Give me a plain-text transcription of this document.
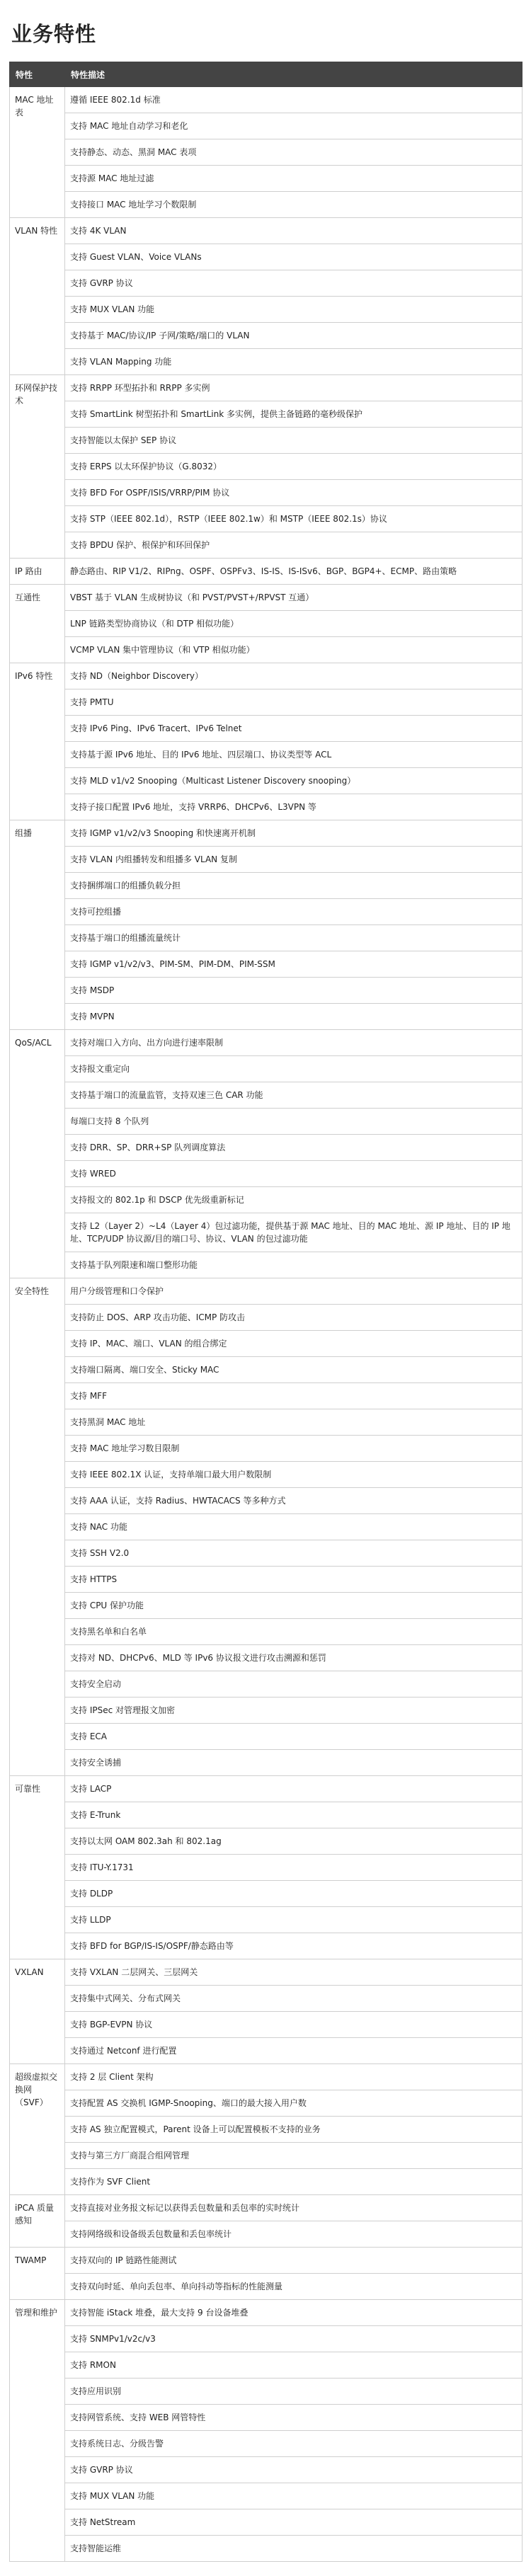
业务特性
特性	特性描述
MAC 地址表	遵循 IEEE 802.1d 标准
	支持 MAC 地址自动学习和老化
	支持静态、动态、黑洞 MAC 表项
	支持源 MAC 地址过滤
	支持接口 MAC 地址学习个数限制
VLAN 特性	支持 4K VLAN
	支持 Guest VLAN、Voice VLANs
	支持 GVRP 协议
	支持 MUX VLAN 功能
	支持基于 MAC/协议/IP 子网/策略/端口的 VLAN
	支持 VLAN Mapping 功能
环网保护技术	支持 RRPP 环型拓扑和 RRPP 多实例
	支持 SmartLink 树型拓扑和 SmartLink 多实例，提供主备链路的毫秒级保护
	支持智能以太保护 SEP 协议
	支持 ERPS 以太环保护协议（G.8032）
	支持 BFD For OSPF/ISIS/VRRP/PIM 协议
	支持 STP（IEEE 802.1d），RSTP（IEEE 802.1w）和 MSTP（IEEE 802.1s）协议
	支持 BPDU 保护、根保护和环回保护
IP 路由	静态路由、RIP V1/2、RIPng、OSPF、OSPFv3、IS-IS、IS-ISv6、BGP、BGP4+、ECMP、路由策略
互通性	VBST 基于 VLAN 生成树协议（和 PVST/PVST+/RPVST 互通）
	LNP 链路类型协商协议（和 DTP 相似功能）
	VCMP VLAN 集中管理协议（和 VTP 相似功能）
IPv6 特性	支持 ND（Neighbor Discovery）
	支持 PMTU
	支持 IPv6 Ping、IPv6 Tracert、IPv6 Telnet
	支持基于源 IPv6 地址、目的 IPv6 地址、四层端口、协议类型等 ACL
	支持 MLD v1/v2 Snooping（Multicast Listener Discovery snooping）
	支持子接口配置 IPv6 地址，支持 VRRP6、DHCPv6、L3VPN 等
组播	支持 IGMP v1/v2/v3 Snooping 和快速离开机制
	支持 VLAN 内组播转发和组播多 VLAN 复制
	支持捆绑端口的组播负载分担
	支持可控组播
	支持基于端口的组播流量统计
	支持 IGMP v1/v2/v3、PIM-SM、PIM-DM、PIM-SSM
	支持 MSDP
	支持 MVPN
QoS/ACL	支持对端口入方向、出方向进行速率限制
	支持报文重定向
	支持基于端口的流量监管，支持双速三色 CAR 功能
	每端口支持 8 个队列
	支持 DRR、SP、DRR+SP 队列调度算法
	支持 WRED
	支持报文的 802.1p 和 DSCP 优先级重新标记
	支持 L2（Layer 2）~L4（Layer 4）包过滤功能，提供基于源 MAC 地址、目的 MAC 地址、源 IP 地址、目的 IP 地址、TCP/UDP 协议源/目的端口号、协议、VLAN 的包过滤功能
	支持基于队列限速和端口整形功能
安全特性	用户分级管理和口令保护
	支持防止 DOS、ARP 攻击功能、ICMP 防攻击
	支持 IP、MAC、端口、VLAN 的组合绑定
	支持端口隔离、端口安全、Sticky MAC
	支持 MFF
	支持黑洞 MAC 地址
	支持 MAC 地址学习数目限制
	支持 IEEE 802.1X 认证，支持单端口最大用户数限制
	支持 AAA 认证，支持 Radius、HWTACACS 等多种方式
	支持 NAC 功能
	支持 SSH V2.0
	支持 HTTPS
	支持 CPU 保护功能
	支持黑名单和白名单
	支持对 ND、DHCPv6、MLD 等 IPv6 协议报文进行攻击溯源和惩罚
	支持安全启动
	支持 IPSec 对管理报文加密
	支持 ECA
	支持安全诱捕
可靠性	支持 LACP
	支持 E-Trunk
	支持以太网 OAM 802.3ah 和 802.1ag
	支持 ITU-Y.1731
	支持 DLDP
	支持 LLDP
	支持 BFD for BGP/IS-IS/OSPF/静态路由等
VXLAN	支持 VXLAN 二层网关、三层网关
	支持集中式网关、分布式网关
	支持 BGP-EVPN 协议
	支持通过 Netconf 进行配置
超级虚拟交换网（SVF）	支持 2 层 Client 架构
	支持配置 AS 交换机 IGMP-Snooping、端口的最大接入用户数
	支持 AS 独立配置模式，Parent 设备上可以配置模板不支持的业务
	支持与第三方厂商混合组网管理
	支持作为 SVF Client
iPCA 质量感知	支持直接对业务报文标记以获得丢包数量和丢包率的实时统计
	支持网络级和设备级丢包数量和丢包率统计
TWAMP	支持双向的 IP 链路性能测试
	支持双向时延、单向丢包率、单向抖动等指标的性能测量
管理和维护	支持智能 iStack 堆叠，最大支持 9 台设备堆叠
	支持 SNMPv1/v2c/v3
	支持 RMON
	支持应用识别
	支持网管系统、支持 WEB 网管特性
	支持系统日志、分级告警
	支持 GVRP 协议
	支持 MUX VLAN 功能
	支持 NetStream
	支持智能运维
